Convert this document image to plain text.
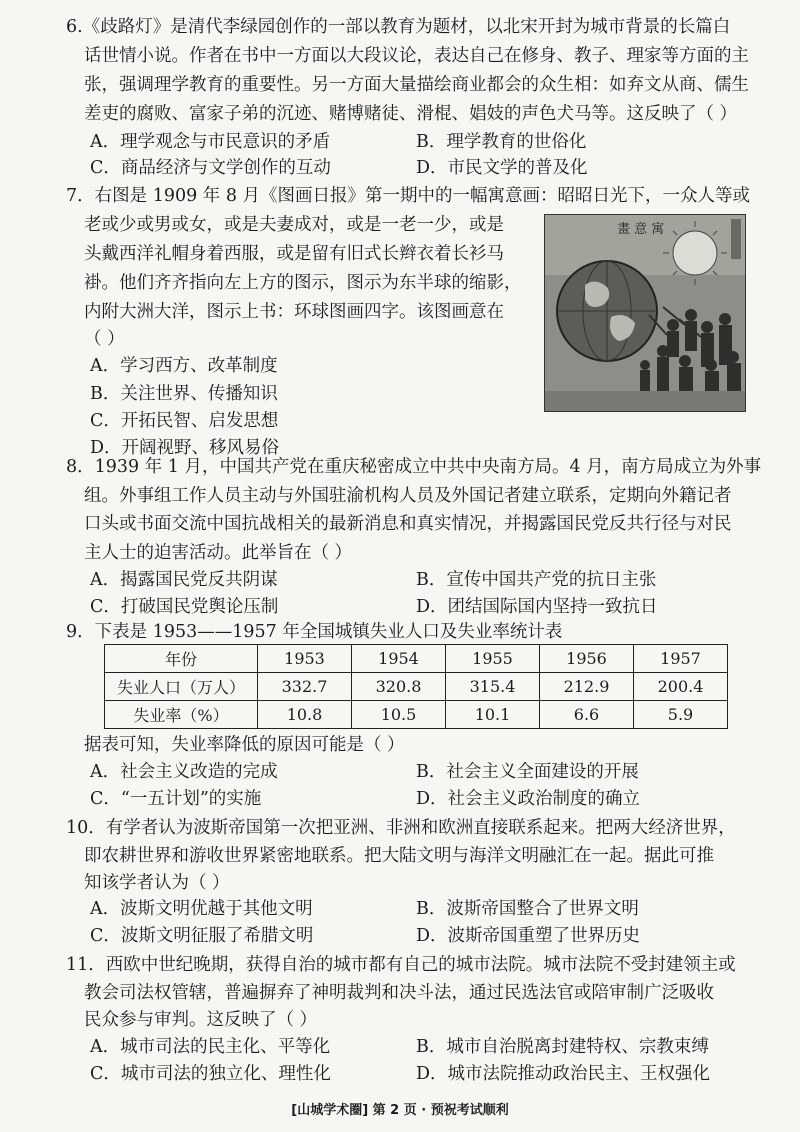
6.《歧路灯》是清代李绿园创作的一部以教育为题材，以北宋开封为城市背景的长篇白
话世情小说。作者在书中一方面以大段议论，表达自己在修身、教子、理家等方面的主
张，强调理学教育的重要性。另一方面大量描绘商业都会的众生相：如弃文从商、儒生
差吏的腐败、富家子弟的沉迹、赌博赌徒、滑棍、娼妓的声色犬马等。这反映了（ ）
A．理学观念与市民意识的矛盾	B．理学教育的世俗化
C．商品经济与文学创作的互动	D．市民文学的普及化
7．右图是 1909 年 8 月《图画日报》第一期中的一幅寓意画：昭昭日光下，一众人等或
老或少或男或女，或是夫妻成对，或是一老一少，或是
头戴西洋礼帽身着西服，或是留有旧式长辫衣着长衫马
褂。他们齐齐指向左上方的图示，图示为东半球的缩影，
内附大洲大洋，图示上书：环球图画四字。该图画意在
（ ）
A．学习西方、改革制度
B．关注世界、传播知识
C．开拓民智、启发思想
D．开阔视野、移风易俗
畫 意 寓
8．1939 年 1 月，中国共产党在重庆秘密成立中共中央南方局。4 月，南方局成立为外事
组。外事组工作人员主动与外国驻渝机构人员及外国记者建立联系，定期向外籍记者
口头或书面交流中国抗战相关的最新消息和真实情况，并揭露国民党反共行径与对民
主人士的迫害活动。此举旨在（ ）
A．揭露国民党反共阴谋	B．宣传中国共产党的抗日主张
C．打破国民党舆论压制	D．团结国际国内坚持一致抗日
9．下表是 1953——1957 年全国城镇失业人口及失业率统计表
年份	1953	1954	1955	1956	1957
失业人口（万人）	332.7	320.8	315.4	212.9	200.4
失业率（%）	10.8	10.5	10.1	6.6	5.9
据表可知，失业率降低的原因可能是（ ）
A．社会主义改造的完成	B．社会主义全面建设的开展
C．“一五计划”的实施	D．社会主义政治制度的确立
10．有学者认为波斯帝国第一次把亚洲、非洲和欧洲直接联系起来。把两大经济世界，
即农耕世界和游收世界紧密地联系。把大陆文明与海洋文明融汇在一起。据此可推
知该学者认为（ ）
A．波斯文明优越于其他文明	B．波斯帝国整合了世界文明
C．波斯文明征服了希腊文明	D．波斯帝国重塑了世界历史
11．西欧中世纪晚期，获得自治的城市都有自己的城市法院。城市法院不受封建领主或
教会司法权管辖，普遍摒弃了神明裁判和决斗法，通过民选法官或陪审制广泛吸收
民众参与审判。这反映了（ ）
A．城市司法的民主化、平等化	B．城市自治脱离封建特权、宗教束缚
C．城市司法的独立化、理性化	D．城市法院推动政治民主、王权强化
[山城学术圈] 第 2 页 · 预祝考试顺利
